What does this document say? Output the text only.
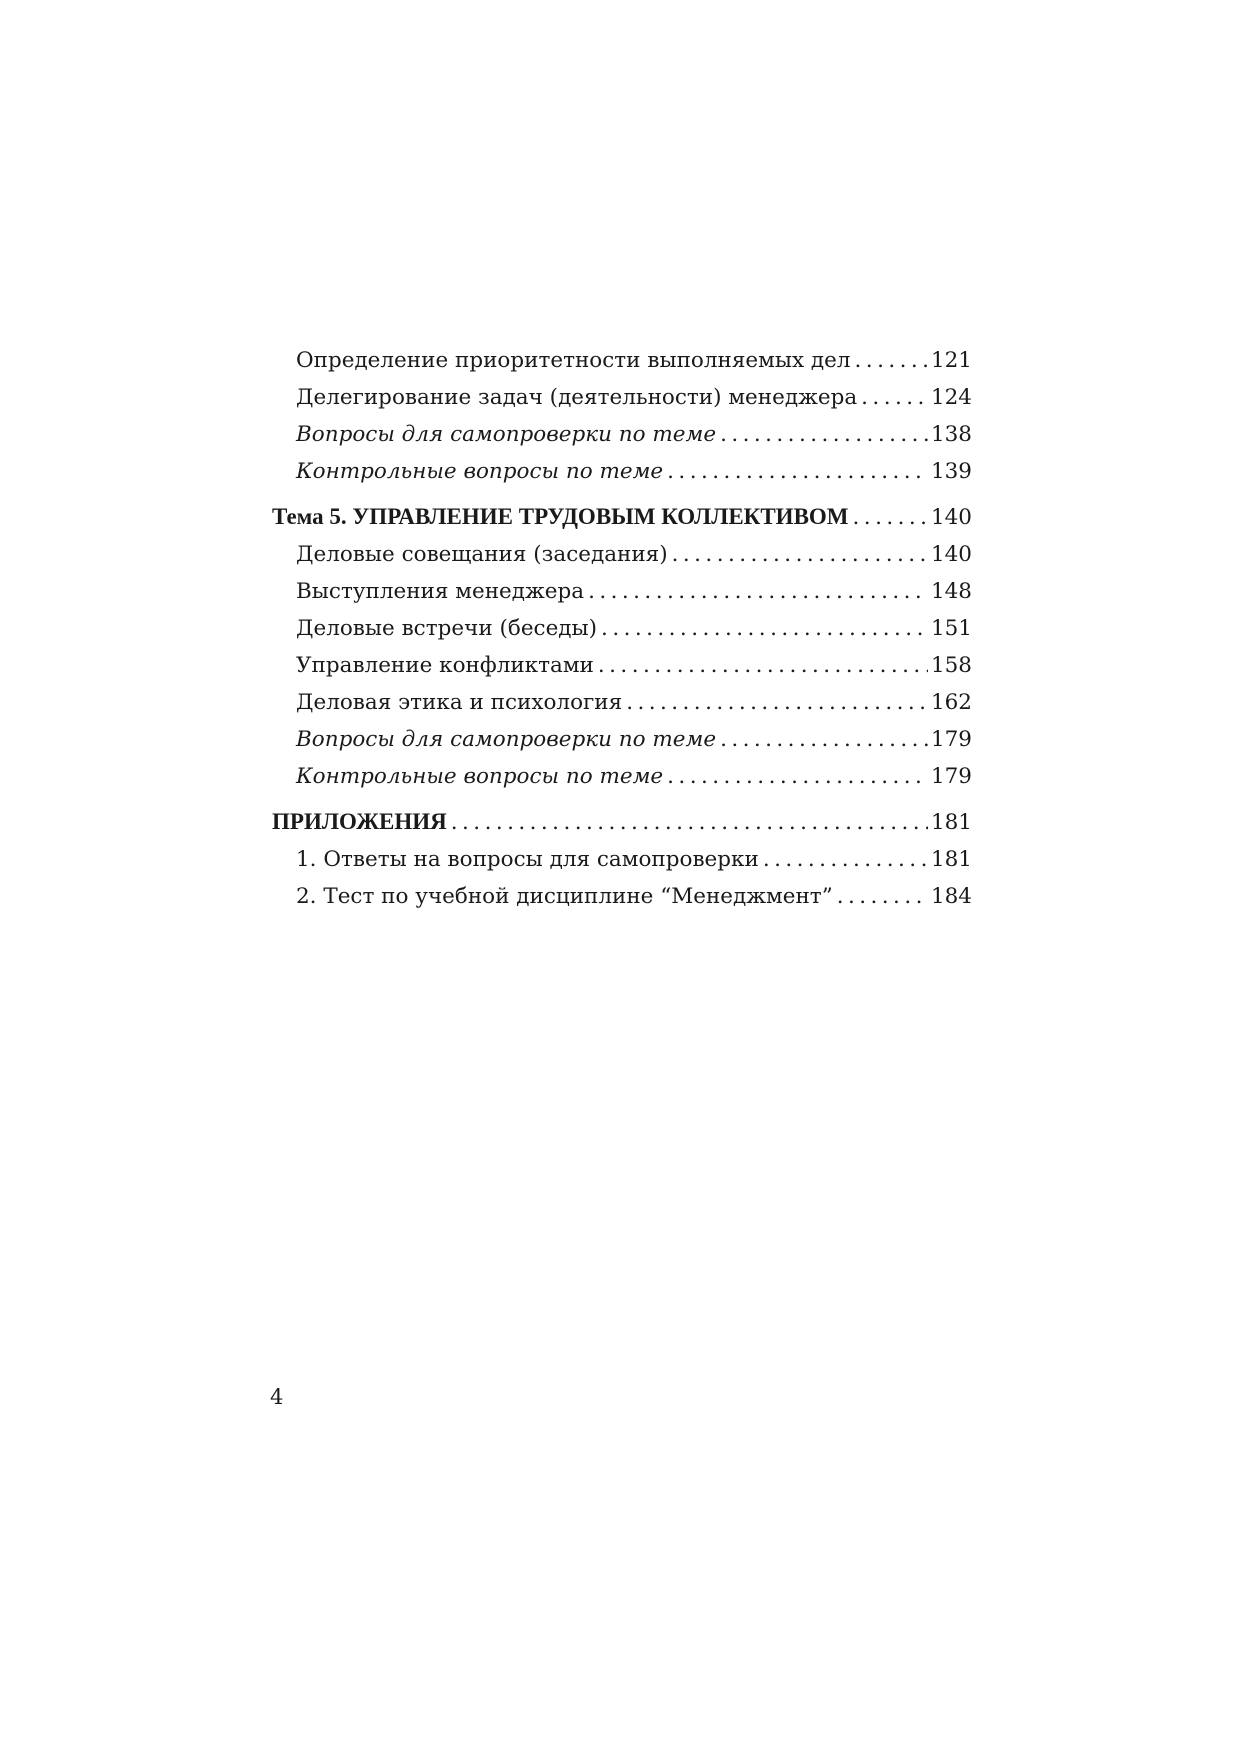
Определение приоритетности выполняемых дел . . .	121
Делегирование задач (деятельности) менеджера . . .	124
Вопросы для самопроверки по теме . . .	138
Контрольные вопросы по теме . . .	139
Тема 5. УПРАВЛЕНИЕ ТРУДОВЫМ КОЛЛЕКТИВОМ . . .	140
Деловые совещания (заседания) . . .	140
Выступления менеджера . . .	148
Деловые встречи (беседы) . . .	151
Управление конфликтами . . .	158
Деловая этика и психология . . .	162
Вопросы для самопроверки по теме . . .	179
Контрольные вопросы по теме . . .	179
ПРИЛОЖЕНИЯ . . .	181
1. Ответы на вопросы для самопроверки . . .	181
2. Тест по учебной дисциплине “Менеджмент” . . .	184
4
